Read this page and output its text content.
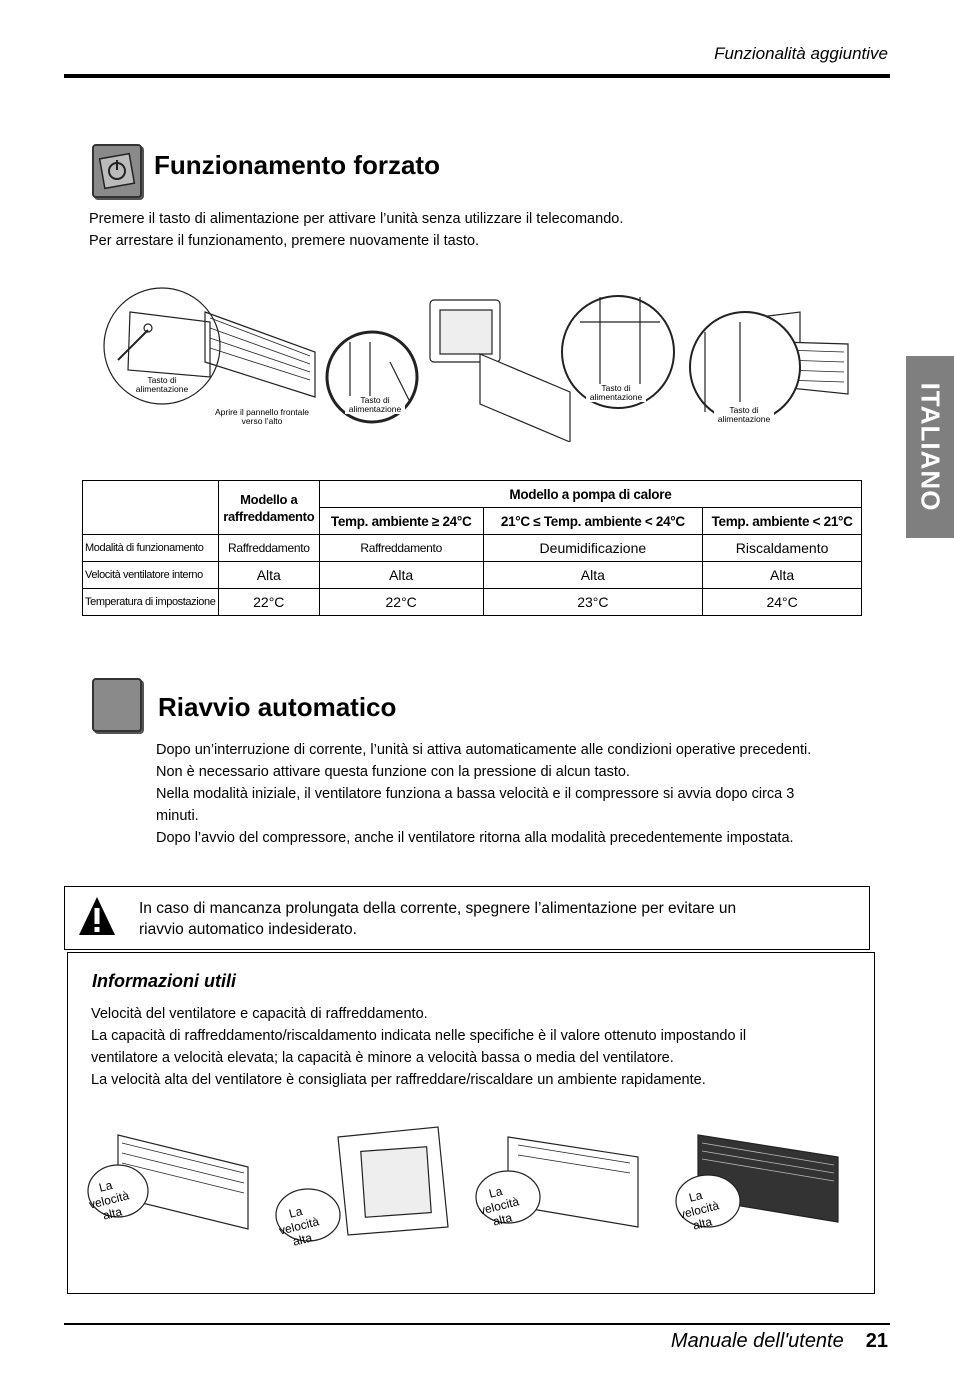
Funzionalità aggiuntive
ITALIANO
Funzionamento forzato
Premere il tasto di alimentazione per attivare l’unità senza utilizzare il telecomando.
Per arrestare il funzionamento, premere nuovamente il tasto.
Tasto di alimentazione
Aprire il pannello frontale verso l’alto
Tasto di alimentazione
Tasto di alimentazione
Tasto di alimentazione
	Modello a raffreddamento	Modello a pompa di calore		
		Temp. ambiente ≥ 24°C	21°C ≤ Temp. ambiente < 24°C	Temp. ambiente < 21°C
Modalità di funzionamento	Raffreddamento	Raffreddamento	Deumidificazione	Riscaldamento
Velocità ventilatore interno	Alta	Alta	Alta	Alta
Temperatura di impostazione	22°C	22°C	23°C	24°C
Riavvio automatico
Dopo un’interruzione di corrente, l’unità si attiva automaticamente alle condizioni operative precedenti.
Non è necessario attivare questa funzione con la pressione di alcun tasto.
Nella modalità iniziale, il ventilatore funziona a bassa velocità e il compressore si avvia dopo circa 3
minuti.
Dopo l’avvio del compressore, anche il ventilatore ritorna alla modalità precedentemente impostata.
In caso di mancanza prolungata della corrente, spegnere l’alimentazione per evitare un
riavvio automatico indesiderato.
Informazioni utili
Velocità del ventilatore e capacità di raffreddamento.
La capacità di raffreddamento/riscaldamento indicata nelle specifiche è il valore ottenuto impostando il
ventilatore a velocità elevata; la capacità è minore a velocità bassa o media del ventilatore.
La velocità alta del ventilatore è consigliata per raffreddare/riscaldare un ambiente rapidamente.
La velocità alta	La velocità alta
La velocità alta
La velocità alta
Manuale dell'utente 21
